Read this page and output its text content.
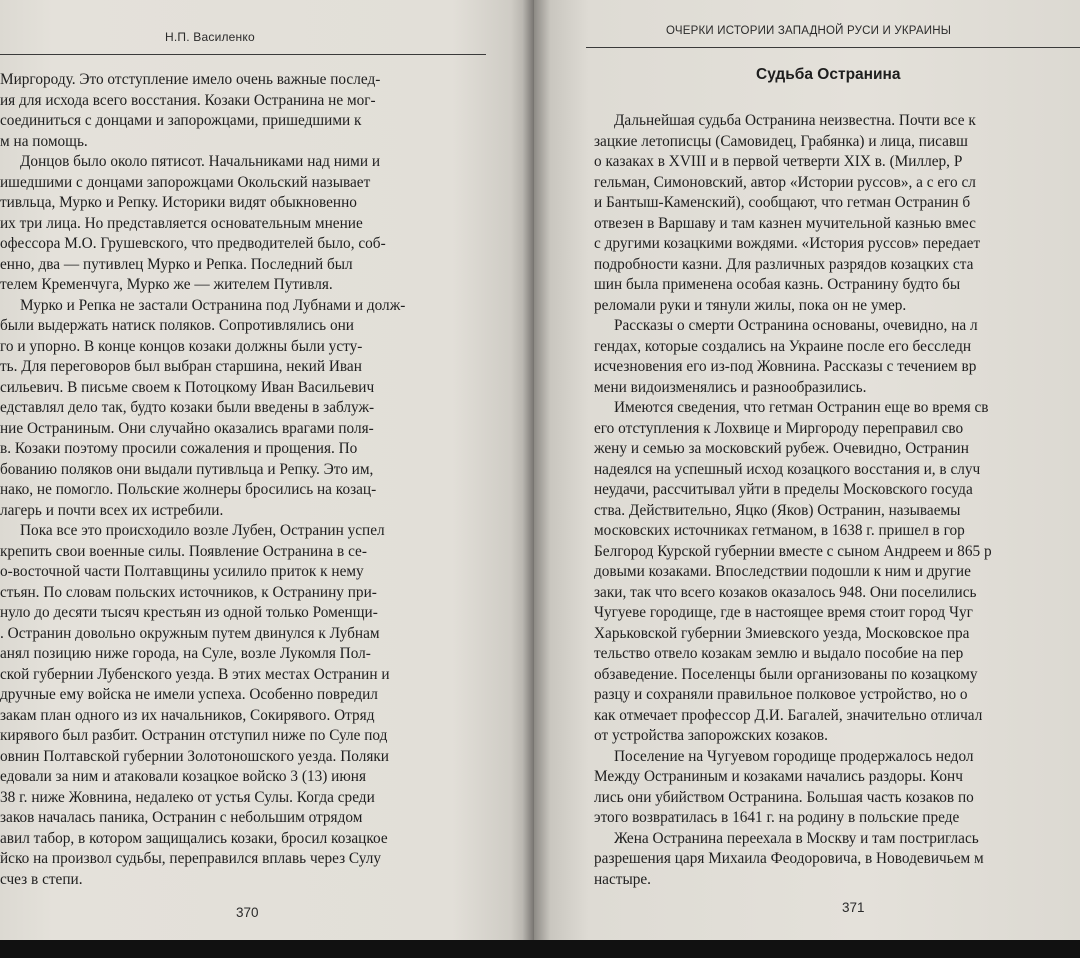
Н.П. Василенко

Миргороду. Это отступление имело очень важные послед-

ия для исхода всего восстания. Козаки Остранина не мог-

соединиться с донцами и запорожцами, пришедшими к

м на помощь.

Донцов было около пятисот. Начальниками над ними и

ишедшими с донцами запорожцами Окольский называет

тивльца, Мурко и Репку. Историки видят обыкновенно

их три лица. Но представляется основательным мнение

офессора М.О. Грушевского, что предводителей было, соб-

енно, два — путивлец Мурко и Репка. Последний был

телем Кременчуга, Мурко же — жителем Путивля.

Мурко и Репка не застали Остранина под Лубнами и долж-

были выдержать натиск поляков. Сопротивлялись они

го и упорно. В конце концов козаки должны были усту-

ть. Для переговоров был выбран старшина, некий Иван

сильевич. В письме своем к Потоцкому Иван Васильевич

едставлял дело так, будто козаки были введены в заблуж-

ние Остраниным. Они случайно оказались врагами поля-

в. Козаки поэтому просили сожаления и прощения. По

бованию поляков они выдали путивльца и Репку. Это им,

нако, не помогло. Польские жолнеры бросились на козац-

лагерь и почти всех их истребили.

Пока все это происходило возле Лубен, Остранин успел

крепить свои военные силы. Появление Остранина в се-

о-восточной части Полтавщины усилило приток к нему

стьян. По словам польских источников, к Остранину при-

нуло до десяти тысяч крестьян из одной только Роменщи-

. Остранин довольно окружным путем двинулся к Лубнам

анял позицию ниже города, на Суле, возле Лукомля Пол-

ской губернии Лубенского уезда. В этих местах Остранин и

дручные ему войска не имели успеха. Особенно повредил

закам план одного из их начальников, Сокирявого. Отряд

кирявого был разбит. Остранин отступил ниже по Суле под

овнин Полтавской губернии Золотоношского уезда. Поляки

едовали за ним и атаковали козацкое войско 3 (13) июня

38 г. ниже Жовнина, недалеко от устья Сулы. Когда среди

заков началась паника, Остранин с небольшим отрядом

авил табор, в котором защищались козаки, бросил козацкое

йско на произвол судьбы, переправился вплавь через Сулу

счез в степи.

370
ОЧЕРКИ ИСТОРИИ ЗАПАДНОЙ РУСИ И УКРАИНЫ
Судьба Остранина

Дальнейшая судьба Остранина неизвестна. Почти все к

зацкие летописцы (Самовидец, Грабянка) и лица, писавш

о казаках в XVIII и в первой четверти XIX в. (Миллер, Р

гельман, Симоновский, автор «Истории руссов», а с его сл

и Бантыш-Каменский), сообщают, что гетман Остранин б

отвезен в Варшаву и там казнен мучительной казнью вмес

с другими козацкими вождями. «История руссов» передает

подробности казни. Для различных разрядов козацких ста

шин была применена особая казнь. Остранину будто бы

реломали руки и тянули жилы, пока он не умер.

Рассказы о смерти Остранина основаны, очевидно, на л

гендах, которые создались на Украине после его бесследн

исчезновения его из-под Жовнина. Рассказы с течением вр

мени видоизменялись и разнообразились.

Имеются сведения, что гетман Остранин еще во время св

его отступления к Лохвице и Миргороду переправил сво

жену и семью за московский рубеж. Очевидно, Остранин

надеялся на успешный исход козацкого восстания и, в случ

неудачи, рассчитывал уйти в пределы Московского госуда

ства. Действительно, Яцко (Яков) Остранин, называемы

московских источниках гетманом, в 1638 г. пришел в гор

Белгород Курской губернии вместе с сыном Андреем и 865 р

довыми козаками. Впоследствии подошли к ним и другие

заки, так что всего козаков оказалось 948. Они поселились

Чугуеве городище, где в настоящее время стоит город Чуг

Харьковской губернии Змиевского уезда, Московское пра

тельство отвело козакам землю и выдало пособие на пер

обзаведение. Поселенцы были организованы по козацкому

разцу и сохраняли правильное полковое устройство, но о

как отмечает профессор Д.И. Багалей, значительно отличал

от устройства запорожских козаков.

Поселение на Чугуевом городище продержалось недол

Между Остраниным и козаками начались раздоры. Конч

лись они убийством Остранина. Большая часть козаков по

этого возвратилась в 1641 г. на родину в польские преде

Жена Остранина переехала в Москву и там постриглась

разрешения царя Михаила Феодоровича, в Новодевичьем м

настыре.

371
